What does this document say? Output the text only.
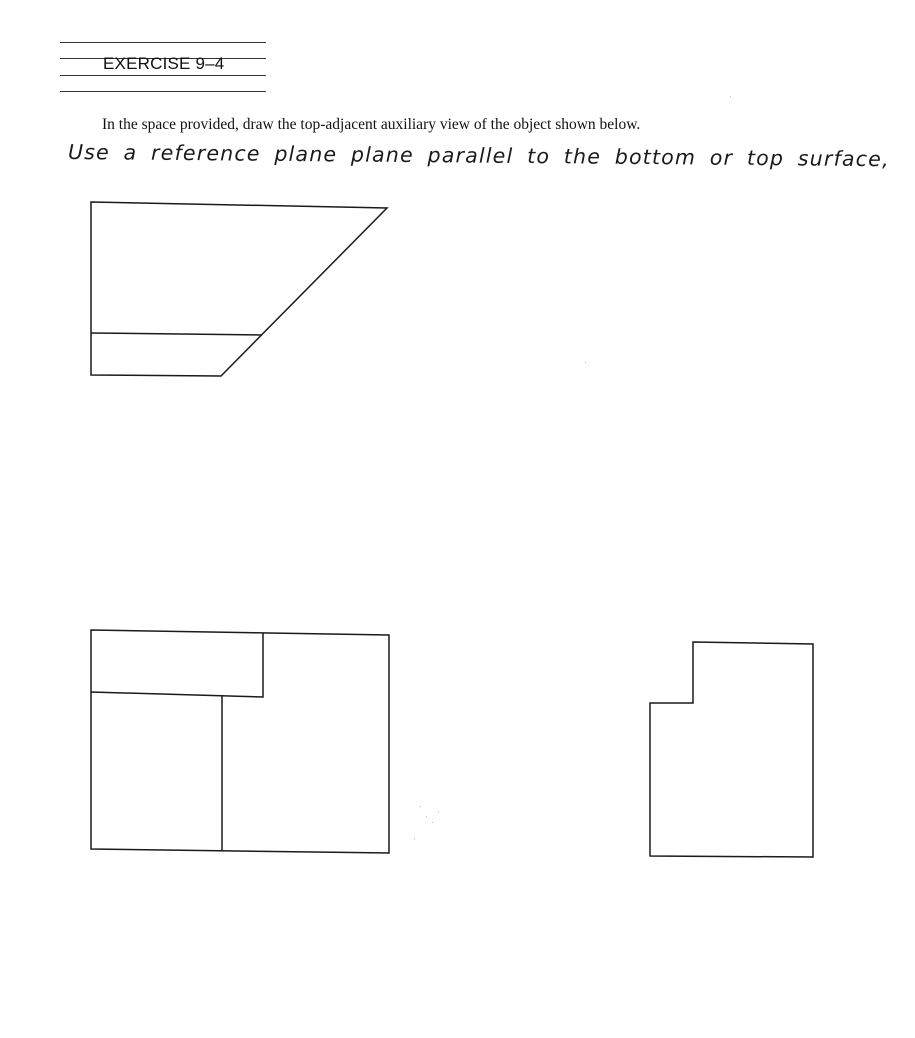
EXERCISE 9–4
In the space provided, draw the top-adjacent auxiliary view of the object shown below.
Use a reference plane plane parallel to the bottom or top surface,
